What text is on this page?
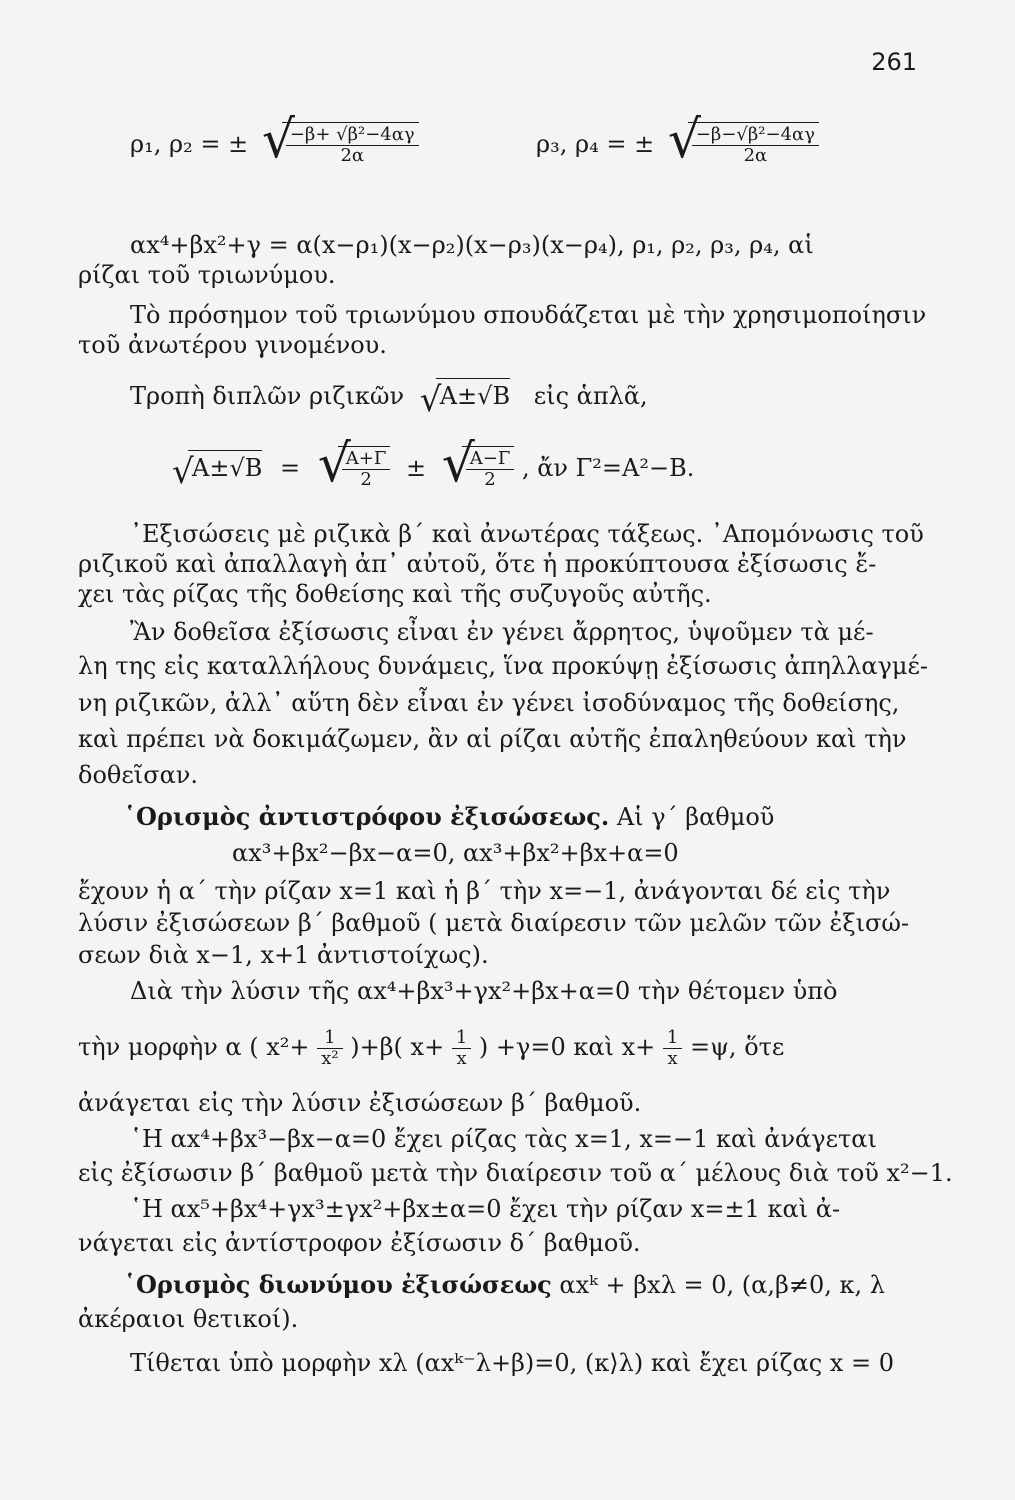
261
ρ₁, ρ₂ = ± √
$\frac{\text{−β+ √β²−4αγ}}{2\alpha}$	ρ₃, ρ₄ = ± √
$\frac{\text{−β−√β²−4αγ}}{2\alpha}$
αx⁴+βx²+γ = α(x−ρ₁)(x−ρ₂)(x−ρ₃)(x−ρ₄), ρ₁, ρ₂, ρ₃, ρ₄, αἱ
ρίζαι τοῦ τριωνύμου.
Τὸ πρόσημον τοῦ τριωνύμου σπουδάζεται μὲ τὴν χρησιμοποίησιν
τοῦ ἀνωτέρου γινομένου.
Τροπὴ διπλῶν ριζικῶν √
A±√B εἰς ἁπλᾶ,
√
A±√B = √
$\frac{A+\Gamma}{2}$ ± √
$\frac{A-\Gamma}{2}$ , ἄν Γ²=A²−B.
᾿Εξισώσεις μὲ ριζικὰ β΄ καὶ ἀνωτέρας τάξεως. ᾿Απομόνωσις τοῦ
ριζικοῦ καὶ ἀπαλλαγὴ ἀπ᾿ αὐτοῦ, ὅτε ἡ προκύπτουσα ἐξίσωσις ἔ-
χει τὰς ρίζας τῆς δοθείσης καὶ τῆς συζυγοῦς αὐτῆς.
Ἂν δοθεῖσα ἐξίσωσις εἶναι ἐν γένει ἄρρητος, ὑψοῦμεν τὰ μέ-
λη της εἰς καταλλήλους δυνάμεις, ἵνα προκύψῃ ἐξίσωσις ἀπηλλαγμέ-
νη ριζικῶν, ἀλλ᾿ αὕτη δὲν εἶναι ἐν γένει ἰσοδύναμος τῆς δοθείσης,
καὶ πρέπει νὰ δοκιμάζωμεν, ἂν αἱ ρίζαι αὐτῆς ἐπαληθεύουν καὶ τὴν
δοθεῖσαν.
῾Ορισμὸς ἀντιστρόφου ἐξισώσεως. Αἱ γ΄ βαθμοῦ
αx³+βx²−βx−α=0, αx³+βx²+βx+α=0
ἔχουν ἡ α΄ τὴν ρίζαν x=1 καὶ ἡ β΄ τὴν x=−1, ἀνάγονται δέ εἰς τὴν
λύσιν ἐξισώσεων β΄ βαθμοῦ ( μετὰ διαίρεσιν τῶν μελῶν τῶν ἐξισώ-
σεων διὰ x−1, x+1 ἀντιστοίχως).
Διὰ τὴν λύσιν τῆς αx⁴+βx³+γx²+βx+α=0 τὴν θέτομεν ὑπὸ
τὴν μορφὴν α ( $x^2+ \frac{1}{\text{x²}} )+\beta$( $x+ \frac{1}{x}$ ) +γ=0 καὶ $x+ \frac{1}{x} =\psi$, ὅτε
ἀνάγεται εἰς τὴν λύσιν ἐξισώσεων β΄ βαθμοῦ.
῾Η αx⁴+βx³−βx−α=0 ἔχει ρίζας τὰς x=1, x=−1 καὶ ἀνάγεται
εἰς ἐξίσωσιν β΄ βαθμοῦ μετὰ τὴν διαίρεσιν τοῦ α΄ μέλους διὰ τοῦ x²−1.
῾Η αx⁵+βx⁴+γx³±γx²+βx±α=0 ἔχει τὴν ρίζαν x=±1 καὶ ἀ-
νάγεται εἰς ἀντίστροφον ἐξίσωσιν δ΄ βαθμοῦ.
῾Ορισμὸς διωνύμου ἐξισώσεως αxᵏ + βxλ = 0, (α,β≠0, κ, λ
ἀκέραιοι θετικοί).
Τίθεται ὑπὸ μορφὴν xλ (αxᵏ⁻λ+β)=0, (κ⟩λ) καὶ ἔχει ρίζας x = 0
